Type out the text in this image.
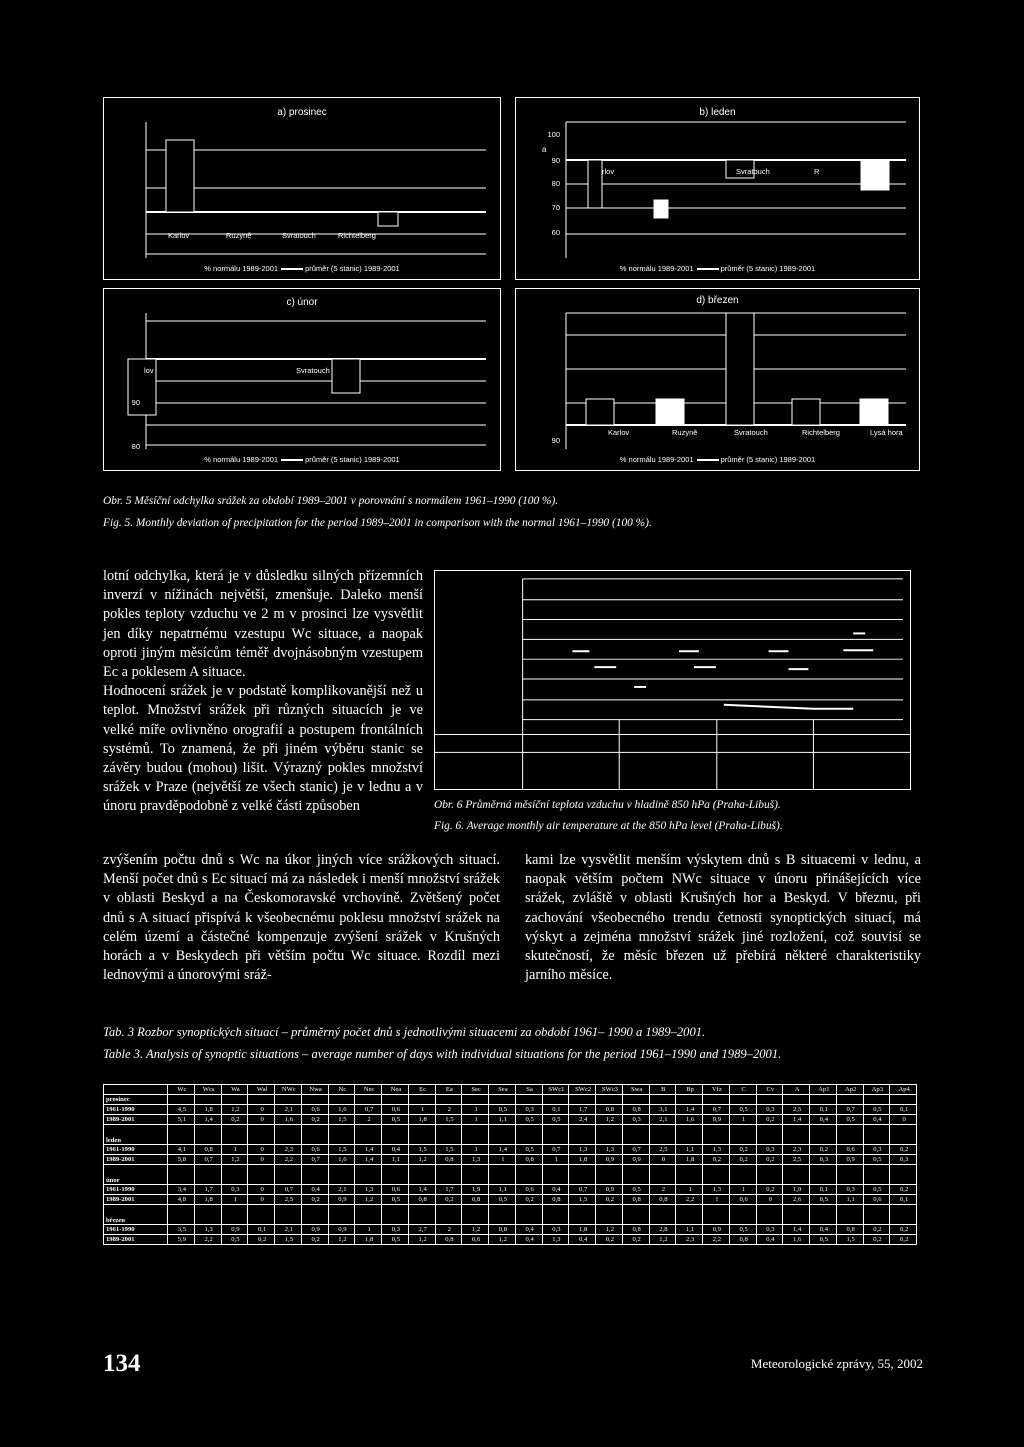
a) prosinec
Karlov	Ruzyně	Svratouch	Richtelberg
% normálu 1989-2001	průměr (5 stanic) 1989-2001
b) leden
rlov	Svratouch	R	L
100
90
80
70
60
a
% normálu 1989-2001	průměr (5 stanic) 1989-2001
c) únor
lov	Svratouch
90
80
% normálu 1989-2001	průměr (5 stanic) 1989-2001
d) březen
Karlov	Ruzyně	Svratouch	Richtelberg	Lysá hora
90
% normálu 1989-2001	průměr (5 stanic) 1989-2001
Obr. 5 Měsíční odchylka srážek za období 1989–2001 v porovnání s normálem 1961–1990 (100 %).
Fig. 5. Monthly deviation of precipitation for the period 1989–2001 in comparison with the normal 1961–1990 (100 %).
lotní odchylka, která je v důsledku silných přízemních inverzí v nížinách největší, zmenšuje. Daleko menší pokles teploty vzduchu ve 2 m v prosinci lze vysvětlit jen díky nepatrnému vzestupu Wc situace, a naopak oproti jiným měsícům téměř dvojnásobným vzestupem Ec a poklesem A situace.
Hodnocení srážek je v podstatě komplikovanější než u teplot. Množství srážek při různých situacích je ve velké míře ovlivněno orografií a postupem frontálních systémů. To znamená, že při jiném výběru stanic se závěry budou (mohou) lišit. Výrazný pokles množství srážek v Praze (největší ze všech stanic) je v lednu a v únoru pravděpodobně z velké části způsoben
zvýšením počtu dnů s Wc na úkor jiných více srážkových situací. Menší počet dnů s Ec situací má za následek i menší množství srážek v oblasti Beskyd a na Českomoravské vrchovině. Zvětšený počet dnů s A situací přispívá k všeobecnému poklesu množství srážek na celém území a částečné kompenzuje zvýšení srážek v Krušných horách a v Beskydech při větším počtu Wc situace. Rozdíl mezi lednovými a únorovými sráž-
kami lze vysvětlit menším výskytem dnů s B situacemi v lednu, a naopak větším počtem NWc situace v únoru přinášejících více srážek, zvláště v oblasti Krušných hor a Beskyd. V březnu, při zachování všeobecného trendu četnosti synoptických situací, má výskyt a zejména množství srážek jiné rozložení, což souvisí se skutečností, že měsíc březen už přebírá některé charakteristiky jarního měsíce.
Obr. 6 Průměrná měsíční teplota vzduchu v hladině 850 hPa (Praha-Libuš).
Fig. 6. Average monthly air temperature at the 850 hPa level (Praha-Libuš).
Tab. 3 Rozbor synoptických situací – průměrný počet dnů s jednotlivými situacemi za období 1961– 1990 a 1989–2001.
Table 3. Analysis of synoptic situations – average number of days with individual situations for the period 1961–1990 and 1989–2001.
	Wc	Wcs	Wa	Wal	NWc	Nwa	Nc	Nec	Nea	Ec	Ea	Sec	Sea	Sa	SWc1	SWc2	SWc3	Swa	B	Bp	Vfz	C	Cv	A	Ap1	Ap2	Ap3	Ap4
prosinec																												
1961-1990	4,5	1,8	1,2	0	2,1	0,6	1,6	0,7	0,6	1	2	1	0,5	0,3	0,1	1,7	0,8	0,8	3,1	1,4	0,7	0,5	0,3	2,5	0,1	0,7	0,5	0,1
1989-2001	5,1	1,4	0,2	0	1,6	0,2	1,5	2	0,5	1,8	1,5	1	1,1	0,5	0,5	2,4	1,2	0,3	2,1	1,6	0,9	1	0,2	1,4	0,4	0,5	0,4	0
leden																												
1961-1990	4,1	0,8	1	0	2,3	0,6	1,5	1,4	0,4	1,5	1,5	1	1,4	0,5	0,7	1,3	1,3	0,7	2,5	1,1	1,3	0,2	0,3	2,3	0,2	0,6	0,3	0,2
1989-2001	5,8	0,7	1,2	0	2,2	0,7	1,6	1,4	1,1	1,2	0,8	1,3	1	0,8	1	1,8	0,9	0,9	0	1,8	0,2	0,2	0,2	2,5	0,3	0,9	0,5	0,3
únor																												
1961-1990	3,4	1,7	0,3	0	0,7	0,4	2,1	1,3	0,6	1,4	1,7	1,9	1,1	0,6	0,4	0,7	0,9	0,5	2	1	1,3	1	0,2	1,9	0,1	0,3	0,5	0,2
1989-2001	4,8	1,8	1	0	2,5	0,2	0,9	1,2	0,5	0,8	0,2	0,8	0,5	0,2	0,8	1,5	0,2	0,8	0,8	2,2	1	0,6	0	2,6	0,5	1,1	0,6	0,1
březen																												
1961-1990	3,5	1,3	0,9	0,1	2,1	0,9	0,9	1	0,3	2,7	2	1,2	0,8	0,4	0,3	1,8	1,2	0,8	2,8	1,1	0,9	0,5	0,3	1,4	0,4	0,8	0,2	0,2
1989-2001	5,9	2,2	0,5	0,2	1,5	0,2	1,2	1,8	0,5	1,2	0,8	0,6	1,2	0,4	1,3	0,4	0,2	0,2	1,2	2,3	2,2	0,8	0,4	1,6	0,5	1,5	0,2	0,2
134	Meteorologické zprávy, 55, 2002
